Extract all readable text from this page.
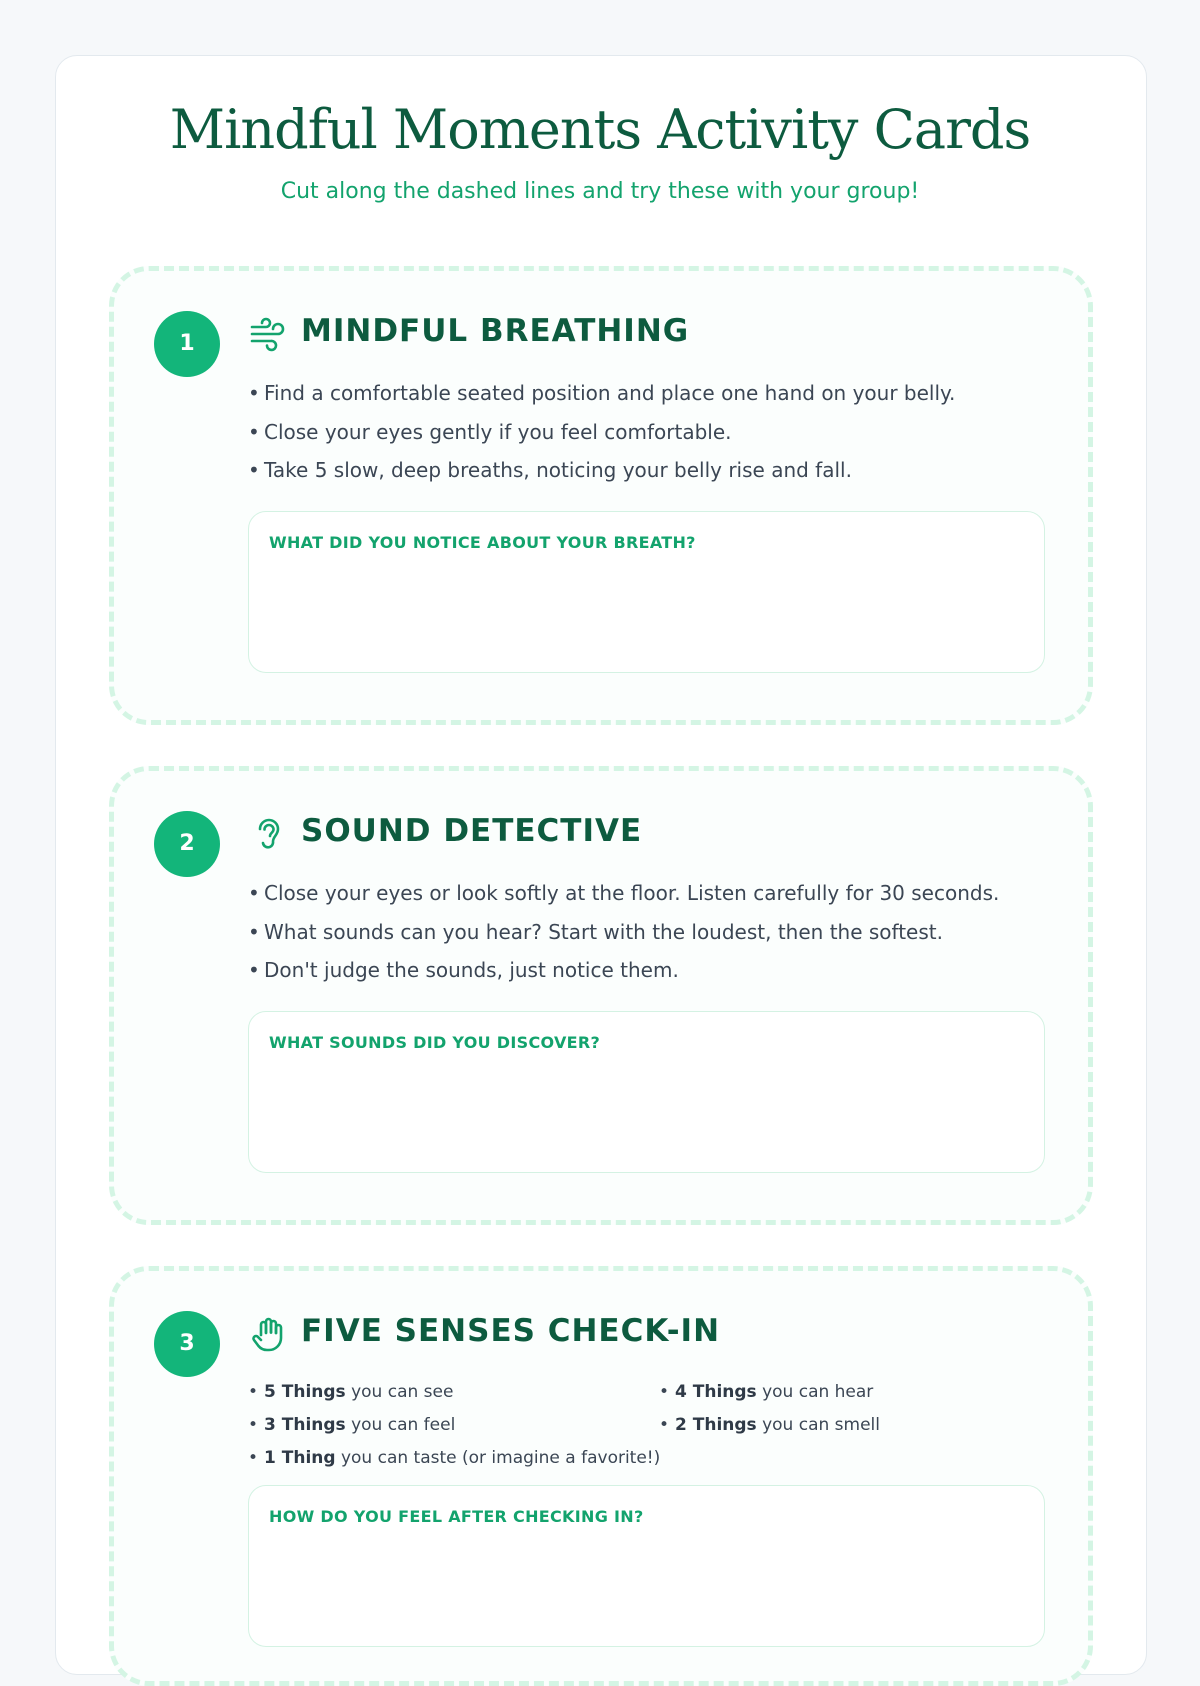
Mindful Moments Activity Cards

Cut along the dashed lines and try these with your group!

1	MINDFUL BREATHING
• Find a comfortable seated position and place one hand on your belly.
• Close your eyes gently if you feel comfortable.
• Take 5 slow, deep breaths, noticing your belly rise and fall.

WHAT DID YOU NOTICE ABOUT YOUR BREATH?

2	SOUND DETECTIVE
• Close your eyes or look softly at the floor. Listen carefully for 30 seconds.
• What sounds can you hear? Start with the loudest, then the softest.
• Don't judge the sounds, just notice them.

WHAT SOUNDS DID YOU DISCOVER?

3	FIVE SENSES CHECK-IN
• 5 Things you can see	• 4 Things you can hear
• 3 Things you can feel	• 2 Things you can smell
• 1 Thing you can taste (or imagine a favorite!)

HOW DO YOU FEEL AFTER CHECKING IN?
